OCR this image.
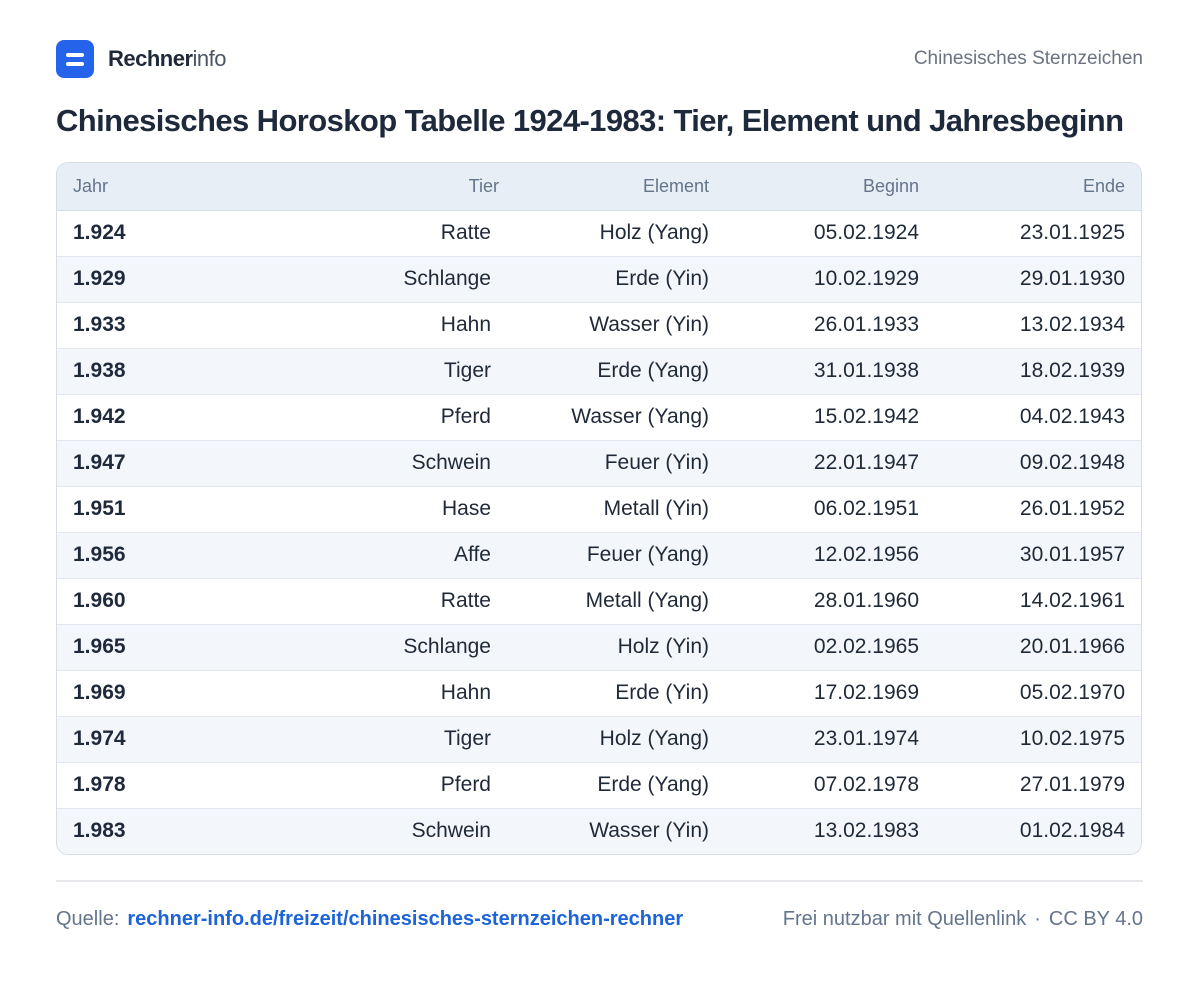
Rechnerinfo	Chinesisches Sternzeichen
Chinesisches Horoskop Tabelle 1924-1983: Tier, Element und Jahresbeginn
Jahr	Tier	Element	Beginn	Ende
1.924	Ratte	Holz (Yang)	05.02.1924	23.01.1925
1.929	Schlange	Erde (Yin)	10.02.1929	29.01.1930
1.933	Hahn	Wasser (Yin)	26.01.1933	13.02.1934
1.938	Tiger	Erde (Yang)	31.01.1938	18.02.1939
1.942	Pferd	Wasser (Yang)	15.02.1942	04.02.1943
1.947	Schwein	Feuer (Yin)	22.01.1947	09.02.1948
1.951	Hase	Metall (Yin)	06.02.1951	26.01.1952
1.956	Affe	Feuer (Yang)	12.02.1956	30.01.1957
1.960	Ratte	Metall (Yang)	28.01.1960	14.02.1961
1.965	Schlange	Holz (Yin)	02.02.1965	20.01.1966
1.969	Hahn	Erde (Yin)	17.02.1969	05.02.1970
1.974	Tiger	Holz (Yang)	23.01.1974	10.02.1975
1.978	Pferd	Erde (Yang)	07.02.1978	27.01.1979
1.983	Schwein	Wasser (Yin)	13.02.1983	01.02.1984
Quelle: rechner-info.de/freizeit/chinesisches-sternzeichen-rechner	Frei nutzbar mit Quellenlink · CC BY 4.0
